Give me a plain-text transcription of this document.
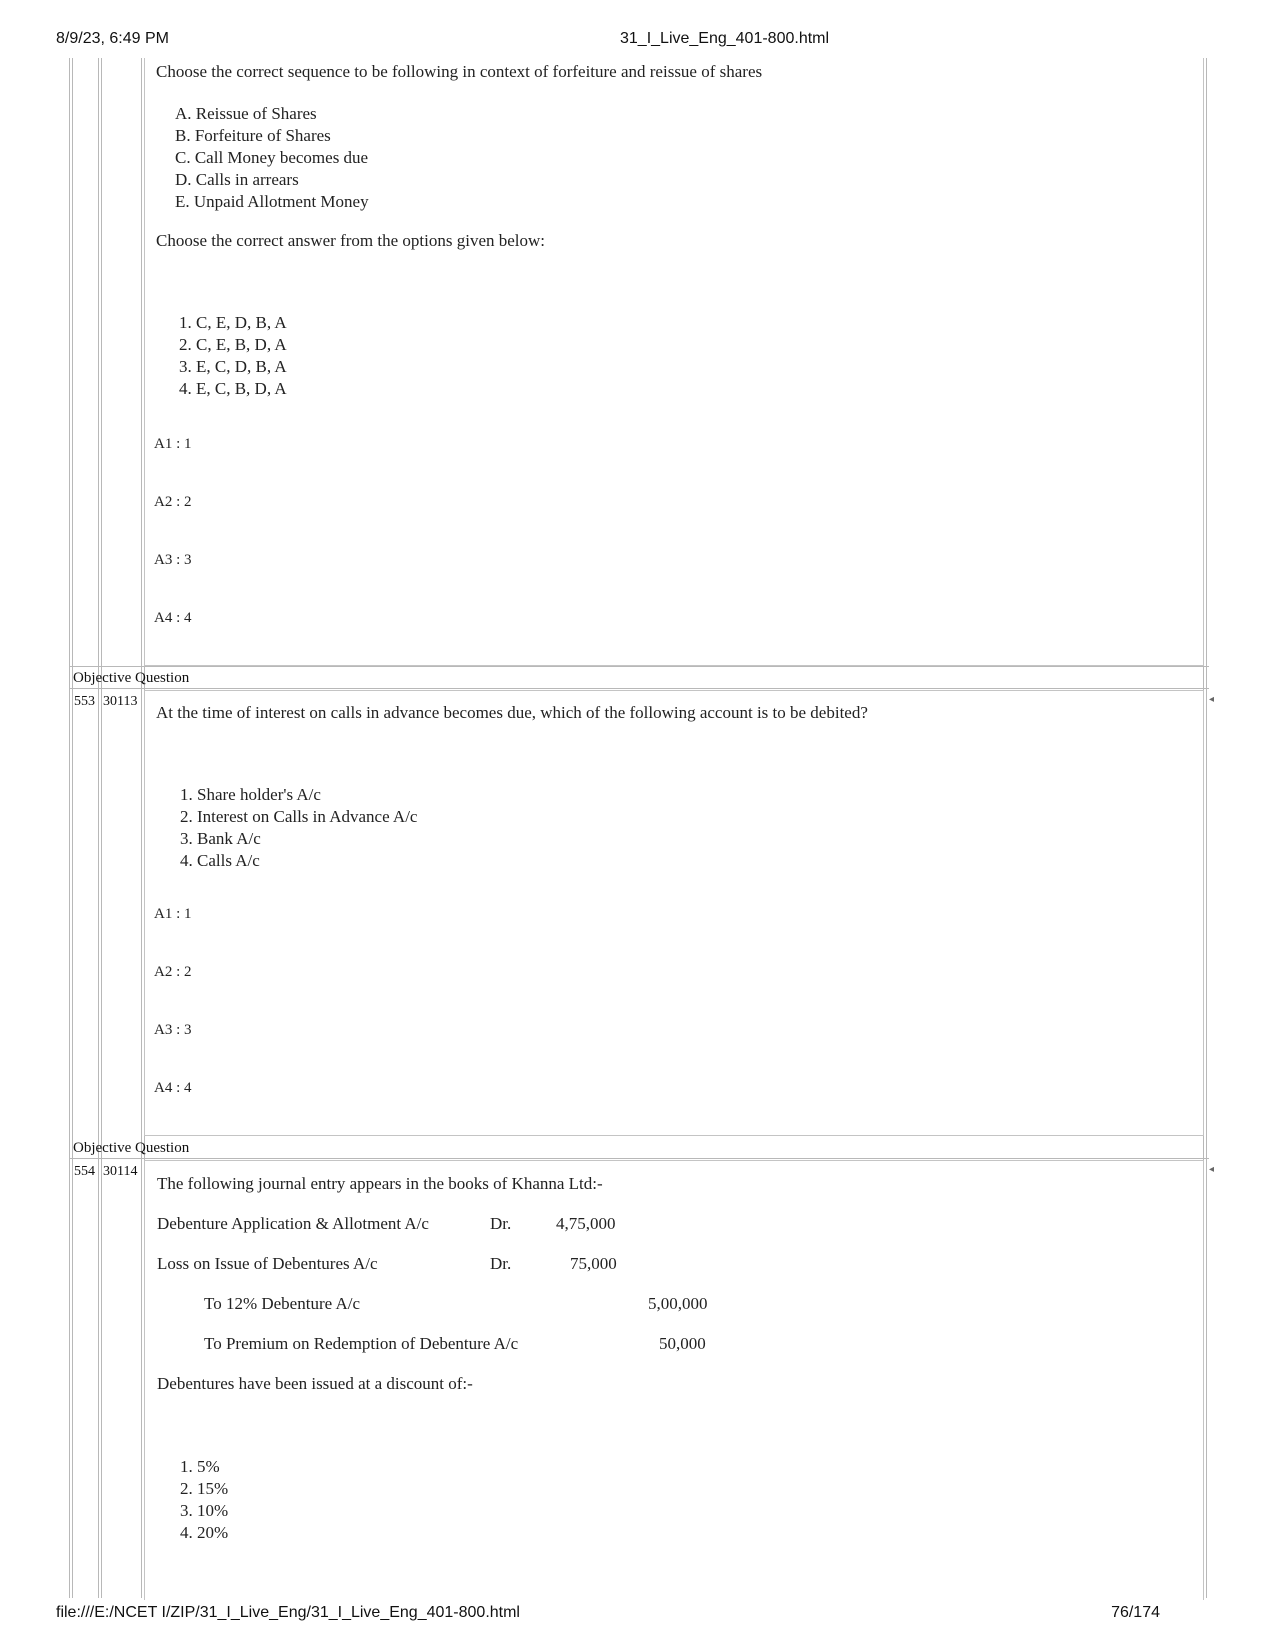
8/9/23, 6:49 PM	31_I_Live_Eng_401-800.html
Choose the correct sequence to be following in context of forfeiture and reissue of shares
A. Reissue of Shares
B. Forfeiture of Shares
C. Call Money becomes due
D. Calls in arrears
E. Unpaid Allotment Money
Choose the correct answer from the options given below:
1. C, E, D, B, A
2. C, E, B, D, A
3. E, C, D, B, A
4. E, C, B, D, A
A1 : 1
A2 : 2
A3 : 3
A4 : 4
Objective Question
553 30113	◂
At the time of interest on calls in advance becomes due, which of the following account is to be debited?
1. Share holder's A/c
2. Interest on Calls in Advance A/c
3. Bank A/c
4. Calls A/c
A1 : 1
A2 : 2
A3 : 3
A4 : 4
Objective Question
554 30114	◂
The following journal entry appears in the books of Khanna Ltd:-
Debenture Application & Allotment A/c	Dr.	4,75,000
Loss on Issue of Debentures A/c	Dr.	75,000
To 12% Debenture A/c	5,00,000
To Premium on Redemption of Debenture A/c	50,000
Debentures have been issued at a discount of:-
1. 5%
2. 15%
3. 10%
4. 20%
file:///E:/NCET I/ZIP/31_I_Live_Eng/31_I_Live_Eng_401-800.html	76/174
